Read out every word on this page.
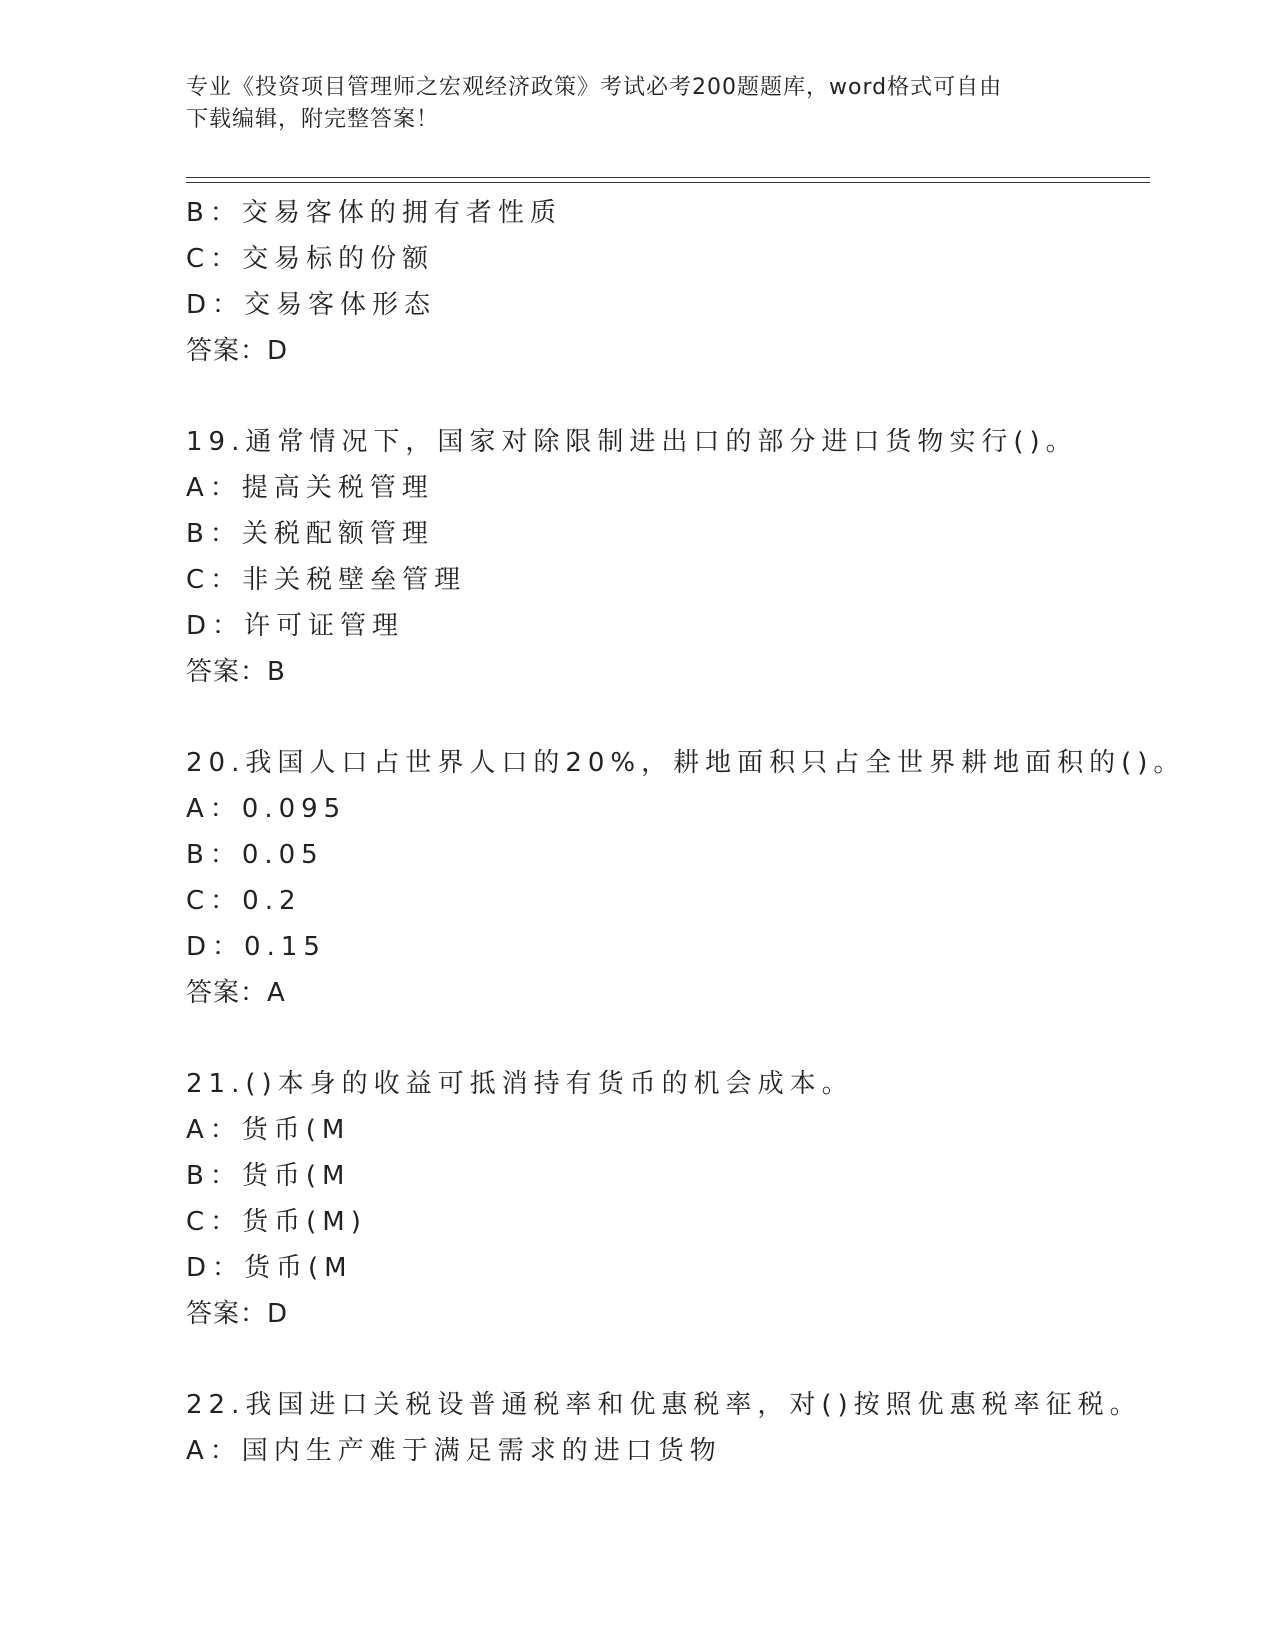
专业《投资项目管理师之宏观经济政策》考试必考200题题库，word格式可自由
下载编辑，附完整答案！
B：交易客体的拥有者性质
C：交易标的份额
D：交易客体形态
答案：D
19.通常情况下，国家对除限制进出口的部分进口货物实行()。
A：提高关税管理
B：关税配额管理
C：非关税壁垒管理
D：许可证管理
答案：B
20.我国人口占世界人口的20%，耕地面积只占全世界耕地面积的()。
A：0.095
B：0.05
C：0.2
D：0.15
答案：A
21.()本身的收益可抵消持有货币的机会成本。
A：货币(M
B：货币(M
C：货币(M)
D：货币(M
答案：D
22.我国进口关税设普通税率和优惠税率，对()按照优惠税率征税。
A：国内生产难于满足需求的进口货物
